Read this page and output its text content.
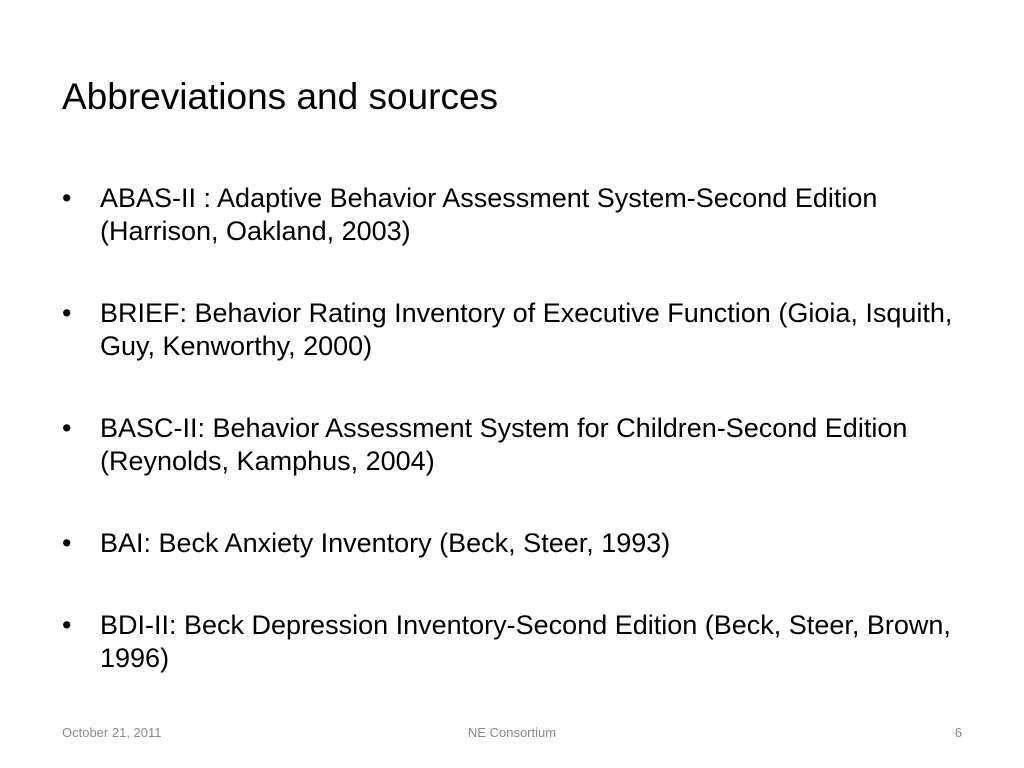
Abbreviations and sources
•	ABAS-II : Adaptive Behavior Assessment System-Second Edition (Harrison, Oakland, 2003)
•	BRIEF: Behavior Rating Inventory of Executive Function (Gioia, Isquith, Guy, Kenworthy, 2000)
•	BASC-II: Behavior Assessment System for Children-Second Edition (Reynolds, Kamphus, 2004)
•	BAI: Beck Anxiety Inventory (Beck, Steer, 1993)
•	BDI-II: Beck Depression Inventory-Second Edition (Beck, Steer, Brown, 1996)
October 21, 2011	NE Consortium	6
